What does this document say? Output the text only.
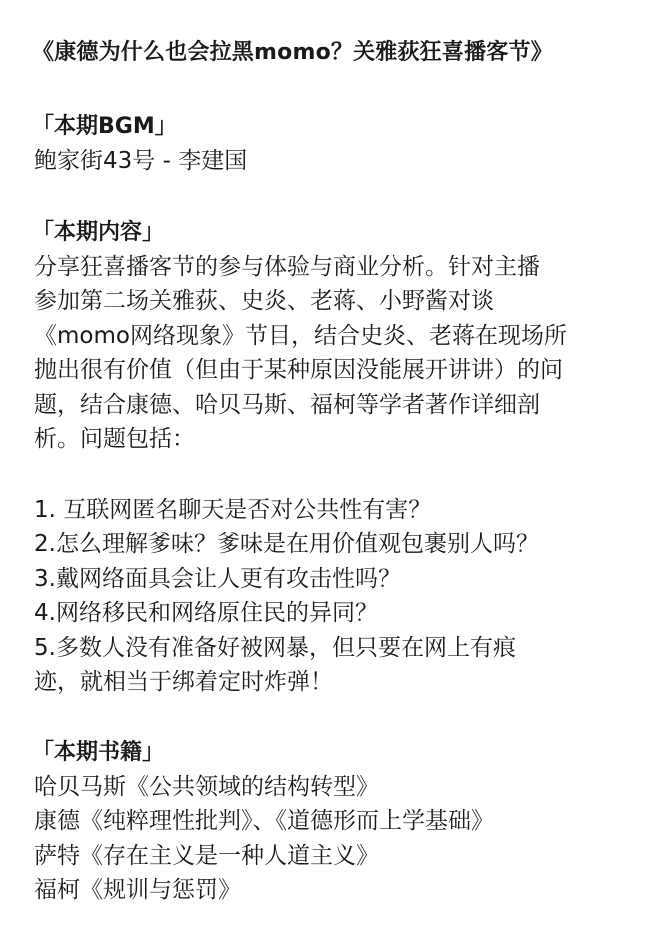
《康德为什么也会拉黑momo？关雅荻狂喜播客节》
「本期BGM」
鲍家街43号 - 李建国
「本期内容」
分享狂喜播客节的参与体验与商业分析。针对主播
参加第二场关雅荻、史炎、老蒋、小野酱对谈
《momo网络现象》节目，结合史炎、老蒋在现场所
抛出很有价值（但由于某种原因没能展开讲讲）的问
题，结合康德、哈贝马斯、福柯等学者著作详细剖
析。问题包括：
1. 互联网匿名聊天是否对公共性有害？
2.怎么理解爹味？爹味是在用价值观包裹别人吗？
3.戴网络面具会让人更有攻击性吗？
4.网络移民和网络原住民的异同？
5.多数人没有准备好被网暴，但只要在网上有痕
迹，就相当于绑着定时炸弹！
「本期书籍」
哈贝马斯《公共领域的结构转型》
康德《纯粹理性批判》、《道德形而上学基础》
萨特《存在主义是一种人道主义》
福柯《规训与惩罚》
